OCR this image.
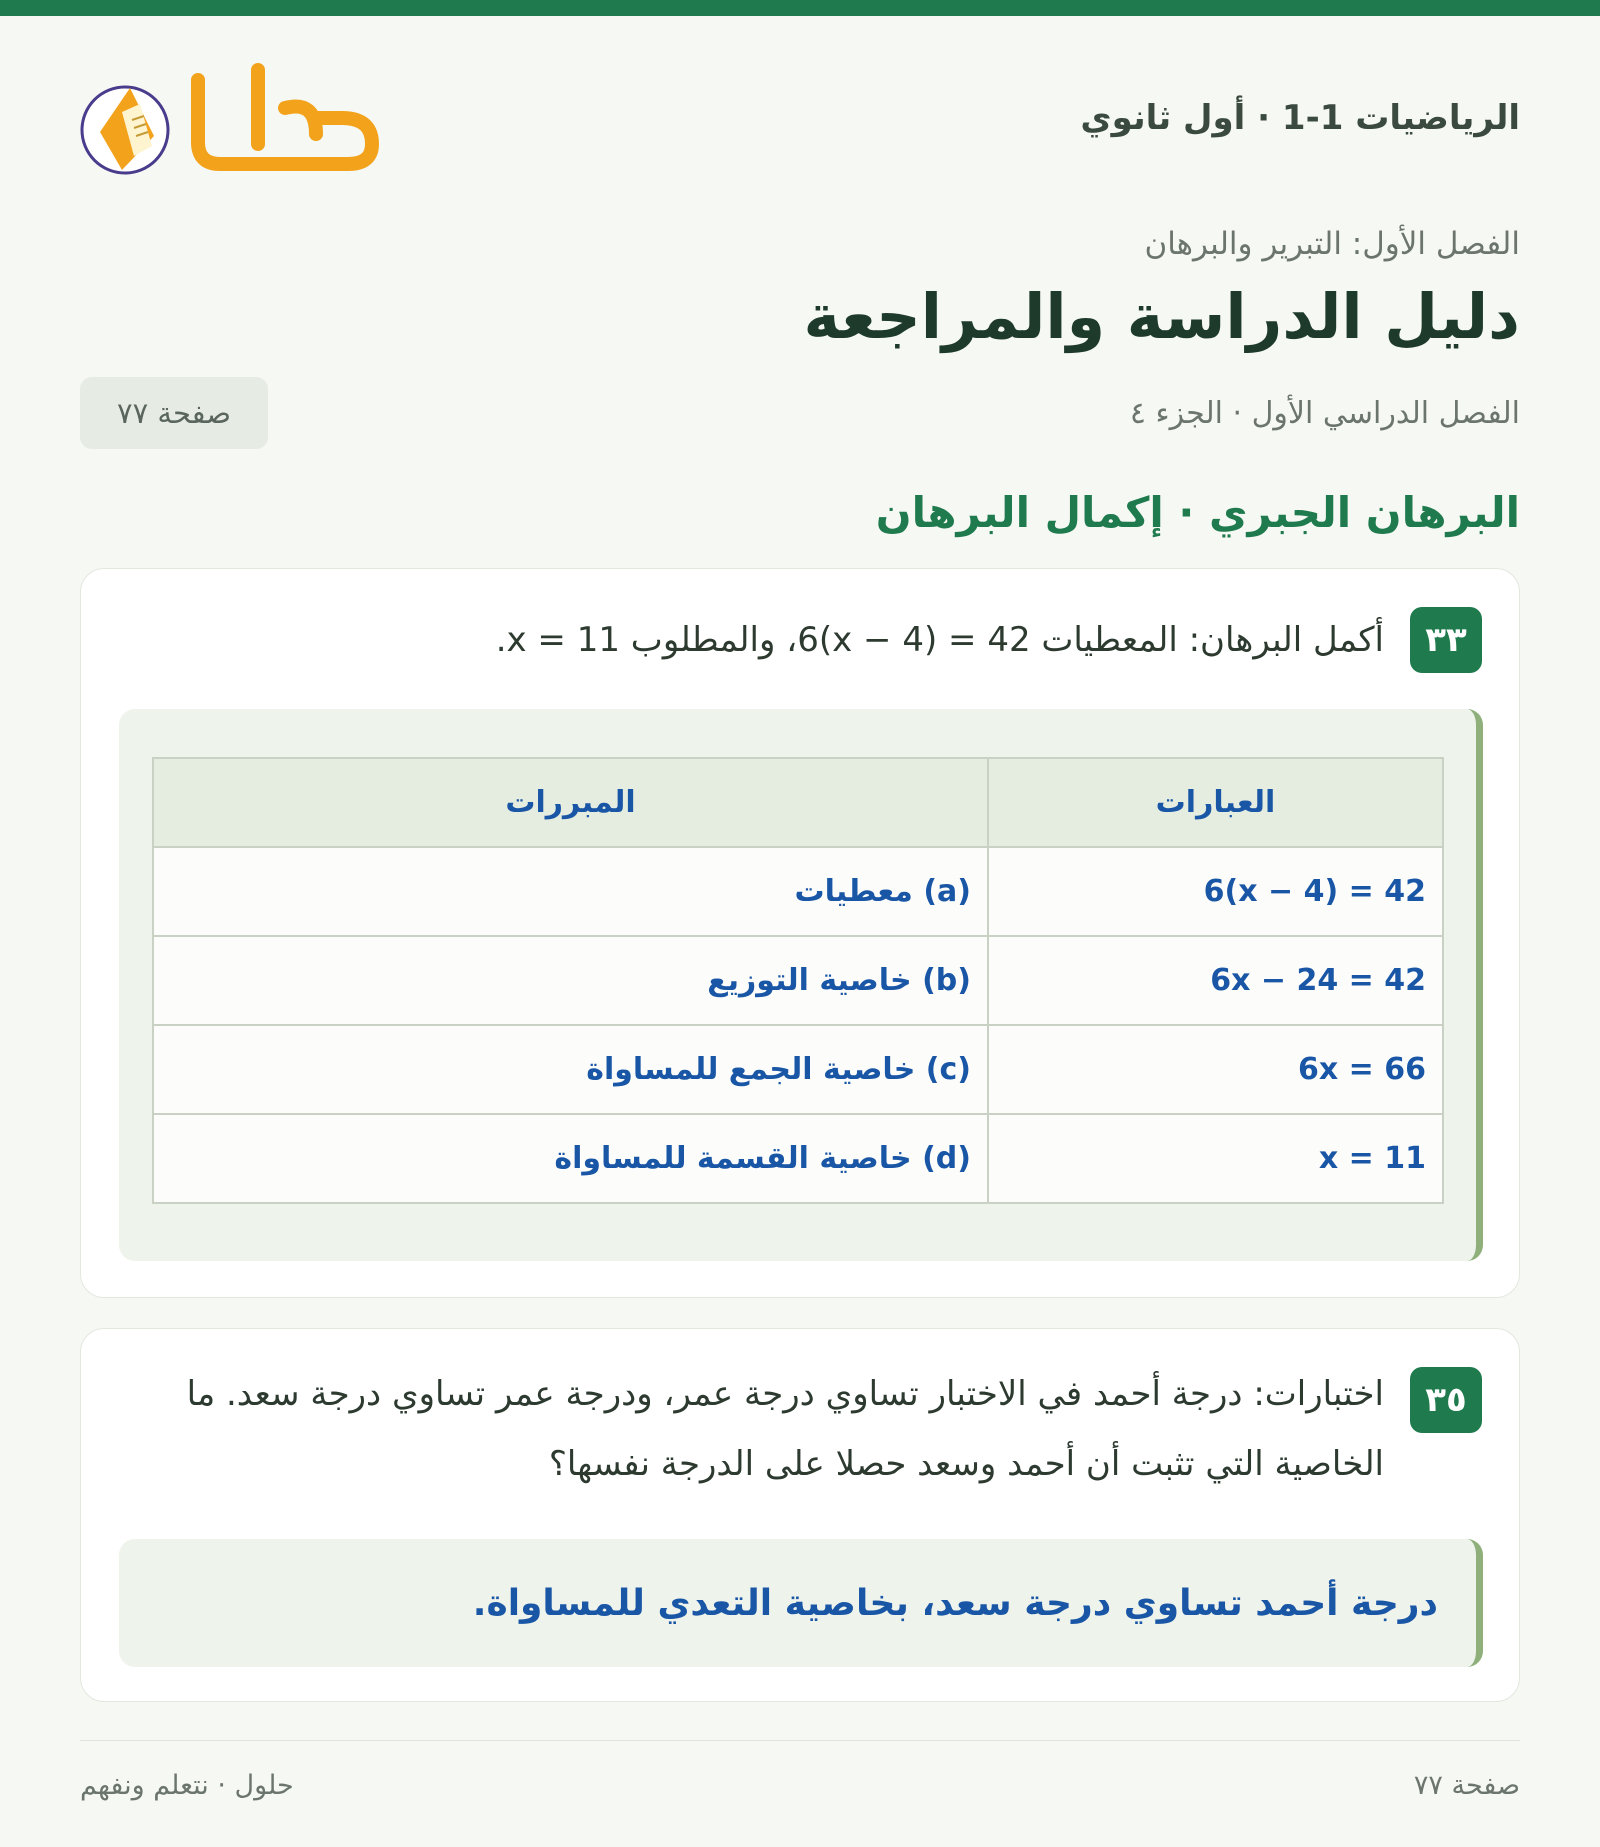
الرياضيات 1-1 · أول ثانوي
الفصل الأول: التبرير والبرهان
دليل الدراسة والمراجعة
الفصل الدراسي الأول · الجزء ٤
صفحة ٧٧
البرهان الجبري · إكمال البرهان
٣٣
أكمل البرهان: المعطيات 42 = (x − 4)6، والمطلوب 11 = x.
العبارات	المبررات
6(x − 4) = 42	(a) معطيات
6x − 24 = 42	(b) خاصية التوزيع
6x = 66	(c) خاصية الجمع للمساواة
x = 11	(d) خاصية القسمة للمساواة
٣٥
اختبارات: درجة أحمد في الاختبار تساوي درجة عمر، ودرجة عمر تساوي درجة سعد. ما الخاصية التي تثبت أن أحمد وسعد حصلا على الدرجة نفسها؟
درجة أحمد تساوي درجة سعد، بخاصية التعدي للمساواة.
صفحة ٧٧
حلول · نتعلم ونفهم
